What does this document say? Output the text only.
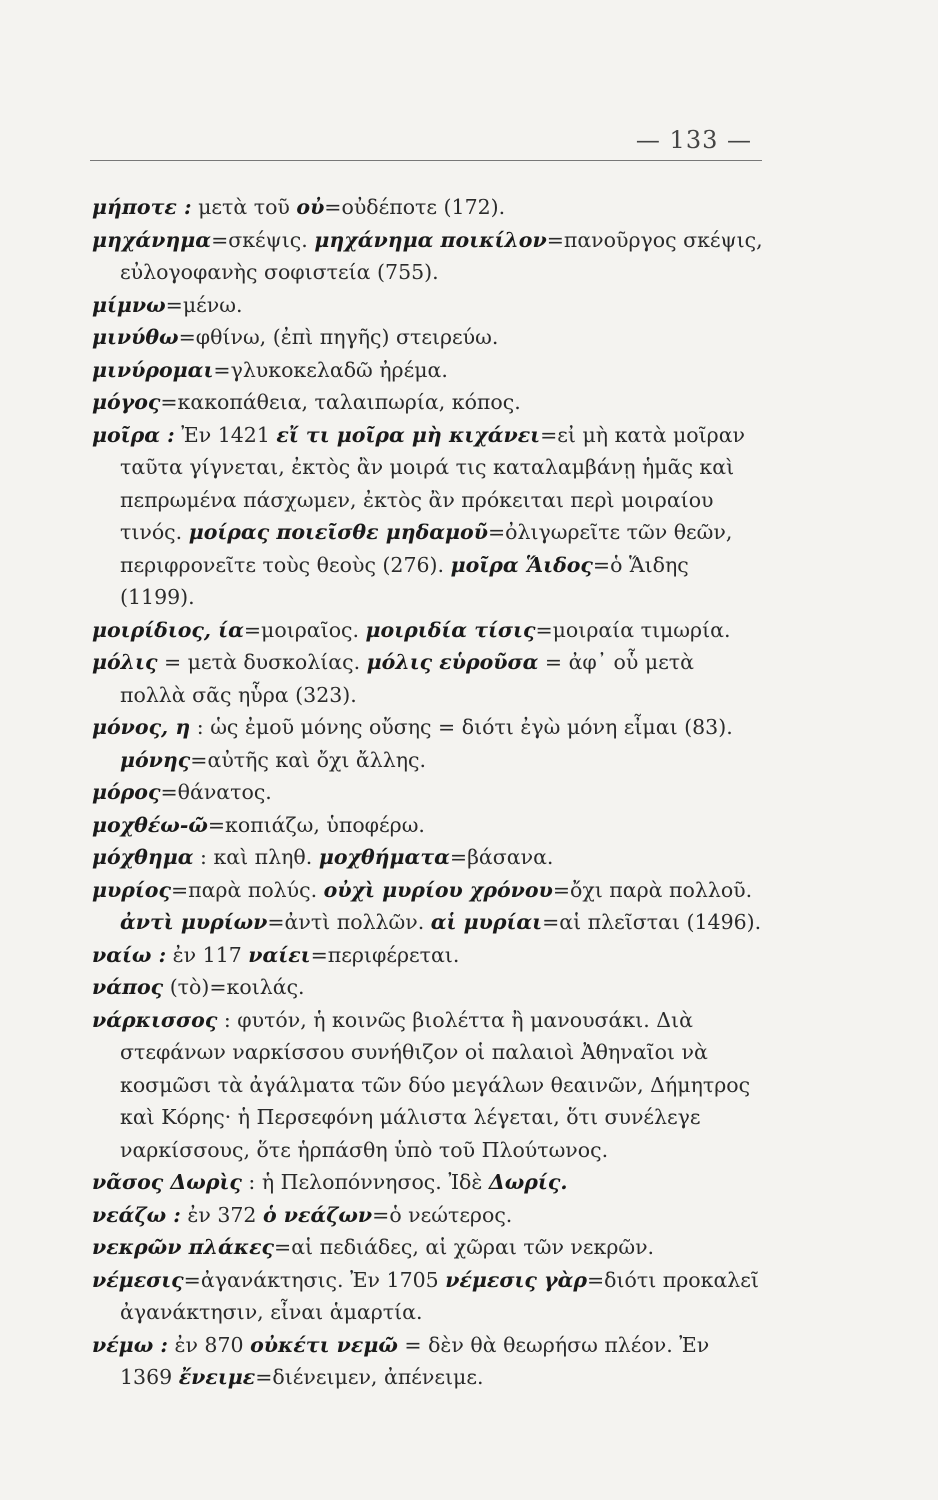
— 133 —
μήποτε : μετὰ τοῦ οὐ=οὐδέποτε (172).
μηχάνημα=σκέψις. μηχάνημα ποικίλον=πανοῦργος σκέψις, εὐλογοφανὴς σοφιστεία (755).
μίμνω=μένω.
μινύθω=φθίνω, (ἐπὶ πηγῆς) στειρεύω.
μινύρομαι=γλυκοκελαδῶ ἠρέμα.
μόγος=κακοπάθεια, ταλαιπωρία, κόπος.
μοῖρα : Ἐν 1421 εἴ τι μοῖρα μὴ κιχάνει=εἰ μὴ κατὰ μοῖραν ταῦτα γίγνεται, ἐκτὸς ἂν μοιρά τις καταλαμβάνῃ ἡμᾶς καὶ πεπρωμένα πάσχωμεν, ἐκτὸς ἂν πρόκειται περὶ μοιραίου τινός. μοίρας ποιεῖσθε μηδαμοῦ=ὀλιγωρεῖτε τῶν θεῶν, περιφρονεῖτε τοὺς θεοὺς (276). μοῖρα Ἅιδος=ὁ Ἅιδης (1199).
μοιρίδιος, ία=μοιραῖος. μοιριδία τίσις=μοιραία τιμωρία.
μόλις = μετὰ δυσκολίας. μόλις εὑροῦσα = ἀφ᾽ οὗ μετὰ πολλὰ σᾶς ηὗρα (323).
μόνος, η : ὡς ἐμοῦ μόνης οὔσης = διότι ἐγὼ μόνη εἶμαι (83). μόνης=αὐτῆς καὶ ὄχι ἄλλης.
μόρος=θάνατος.
μοχθέω-ῶ=κοπιάζω, ὑποφέρω.
μόχθημα : καὶ πληθ. μοχθήματα=βάσανα.
μυρίος=παρὰ πολύς. οὐχὶ μυρίου χρόνου=ὄχι παρὰ πολλοῦ. ἀντὶ μυρίων=ἀντὶ πολλῶν. αἱ μυρίαι=αἱ πλεῖσται (1496).
ναίω : ἐν 117 ναίει=περιφέρεται.
νάπος (τὸ)=κοιλάς.
νάρκισσος : φυτόν, ἡ κοινῶς βιολέττα ἢ μανουσάκι. Διὰ στεφάνων ναρκίσσου συνήθιζον οἱ παλαιοὶ Ἀθηναῖοι νὰ κοσμῶσι τὰ ἀγάλματα τῶν δύο μεγάλων θεαινῶν, Δήμητρος καὶ Κόρης· ἡ Περσεφόνη μάλιστα λέγεται, ὅτι συνέλεγε ναρκίσσους, ὅτε ἡρπάσθη ὑπὸ τοῦ Πλούτωνος.
νᾶσος Δωρὶς : ἡ Πελοπόννησος. Ἰδὲ Δωρίς.
νεάζω : ἐν 372 ὁ νεάζων=ὁ νεώτερος.
νεκρῶν πλάκες=αἱ πεδιάδες, αἱ χῶραι τῶν νεκρῶν.
νέμεσις=ἀγανάκτησις. Ἐν 1705 νέμεσις γὰρ=διότι προκαλεῖ ἀγανάκτησιν, εἶναι ἁμαρτία.
νέμω : ἐν 870 οὐκέτι νεμῶ = δὲν θὰ θεωρήσω πλέον. Ἐν 1369 ἔνειμε=διένειμεν, ἀπένειμε.
